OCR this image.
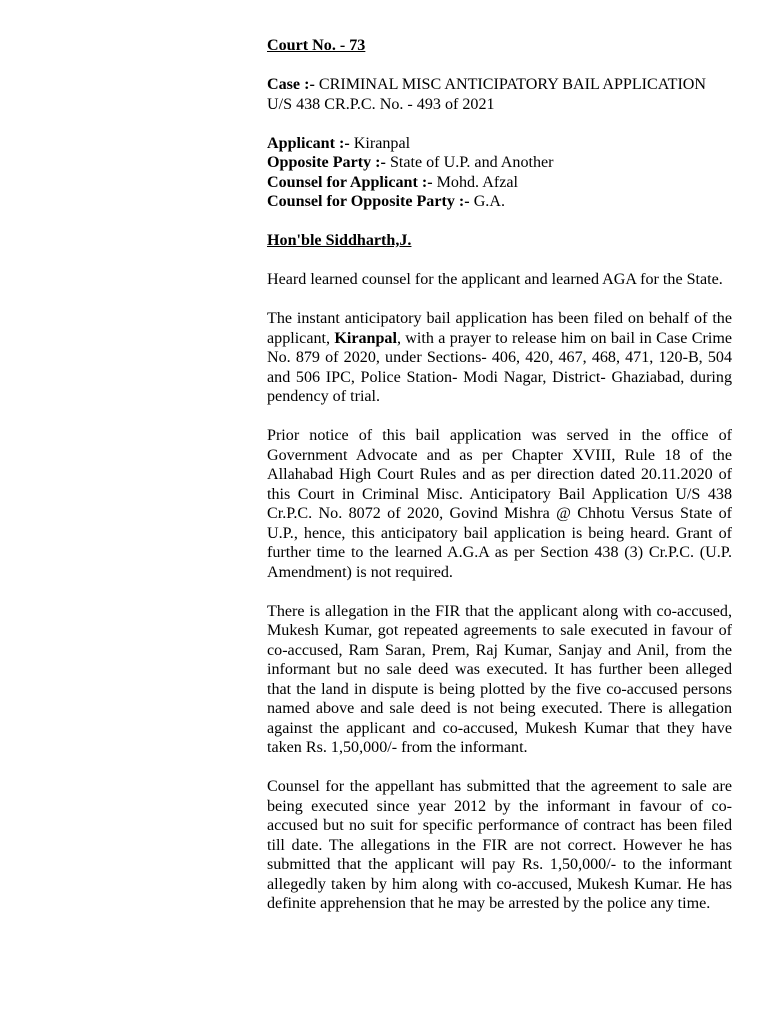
Court No. - 73

Case :- CRIMINAL MISC ANTICIPATORY BAIL APPLICATION U/S 438 CR.P.C. No. - 493 of 2021

Applicant :- Kiranpal

Opposite Party :- State of U.P. and Another

Counsel for Applicant :- Mohd. Afzal

Counsel for Opposite Party :- G.A.

Hon'ble Siddharth,J.

Heard learned counsel for the applicant and learned AGA for the State.

The instant anticipatory bail application has been filed on behalf of the applicant, Kiranpal, with a prayer to release him on bail in Case Crime No. 879 of 2020, under Sections- 406, 420, 467, 468, 471, 120-B, 504 and 506 IPC, Police Station- Modi Nagar, District- Ghaziabad, during pendency of trial.

Prior notice of this bail application was served in the office of Government Advocate and as per Chapter XVIII, Rule 18 of the Allahabad High Court Rules and as per direction dated 20.11.2020 of this Court in Criminal Misc. Anticipatory Bail Application U/S 438 Cr.P.C. No. 8072 of 2020, Govind Mishra @ Chhotu Versus State of U.P., hence, this anticipatory bail application is being heard. Grant of further time to the learned A.G.A as per Section 438 (3) Cr.P.C. (U.P. Amendment) is not required.

There is allegation in the FIR that the applicant along with co-accused, Mukesh Kumar, got repeated agreements to sale executed in favour of co-accused, Ram Saran, Prem, Raj Kumar, Sanjay and Anil, from the informant but no sale deed was executed. It has further been alleged that the land in dispute is being plotted by the five co-accused persons named above and sale deed is not being executed. There is allegation against the applicant and co-accused, Mukesh Kumar that they have taken Rs. 1,50,000/- from the informant.

Counsel for the appellant has submitted that the agreement to sale are being executed since year 2012 by the informant in favour of co-accused but no suit for specific performance of contract has been filed till date. The allegations in the FIR are not correct. However he has submitted that the applicant will pay Rs. 1,50,000/- to the informant allegedly taken by him along with co-accused, Mukesh Kumar. He has definite apprehension that he may be arrested by the police any time.
